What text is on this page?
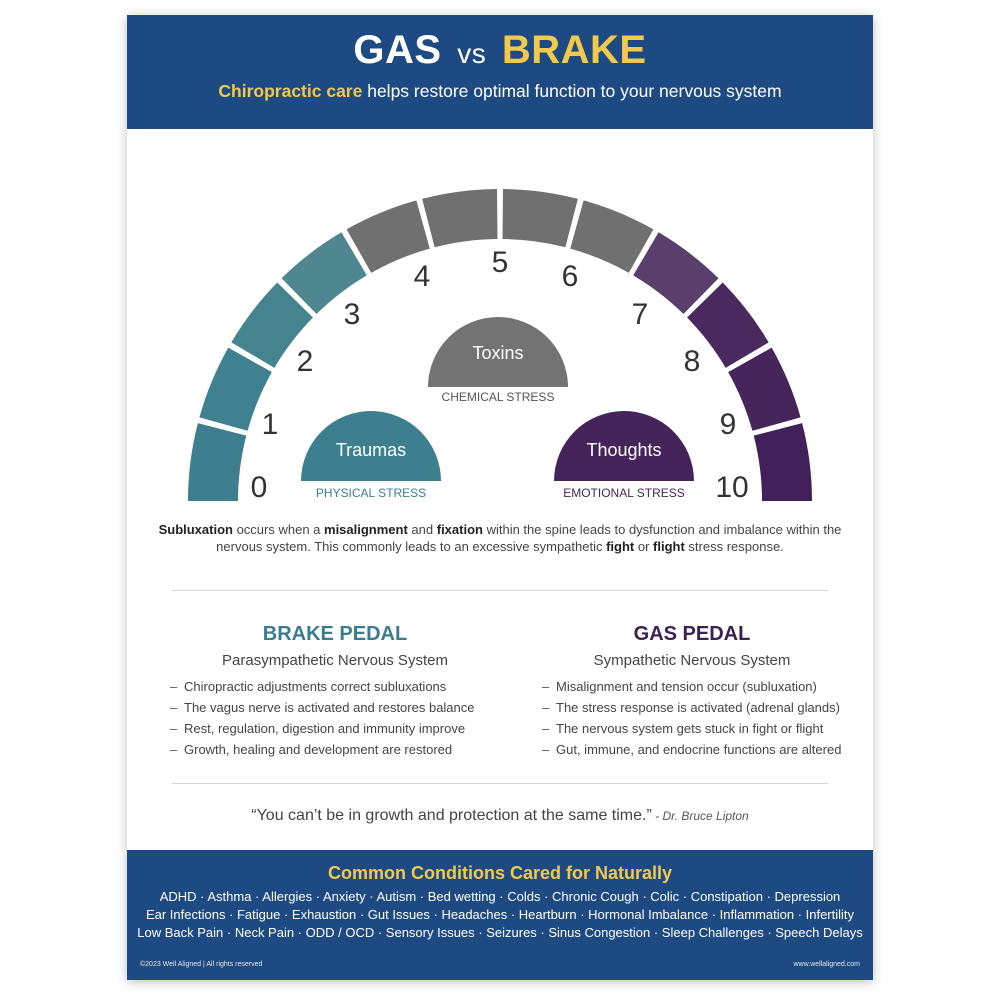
GAS vs BRAKE
Chiropractic care helps restore optimal function to your nervous system
0
1
2
3
4 5 6
7
8
9
10
Traumas
PHYSICAL STRESS
Toxins
CHEMICAL STRESS
Thoughts
EMOTIONAL STRESS
Subluxation occurs when a misalignment and fixation within the spine leads to dysfunction and imbalance within the nervous system. This commonly leads to an excessive sympathetic fight or flight stress response.
BRAKE PEDAL
Parasympathetic Nervous System
– Chiropractic adjustments correct subluxations
– The vagus nerve is activated and restores balance
– Rest, regulation, digestion and immunity improve
– Growth, healing and development are restored
GAS PEDAL
Sympathetic Nervous System
– Misalignment and tension occur (subluxation)
– The stress response is activated (adrenal glands)
– The nervous system gets stuck in fight or flight
– Gut, immune, and endocrine functions are altered
“You can’t be in growth and protection at the same time.” - Dr. Bruce Lipton
Common Conditions Cared for Naturally
ADHD · Asthma · Allergies · Anxiety · Autism · Bed wetting · Colds · Chronic Cough · Colic · Constipation · Depression
Ear Infections · Fatigue · Exhaustion · Gut Issues · Headaches · Heartburn · Hormonal Imbalance · Inflammation · Infertility
Low Back Pain · Neck Pain · ODD / OCD · Sensory Issues · Seizures · Sinus Congestion · Sleep Challenges · Speech Delays
©2023 Well Aligned | All rights reserved	www.wellaligned.com
